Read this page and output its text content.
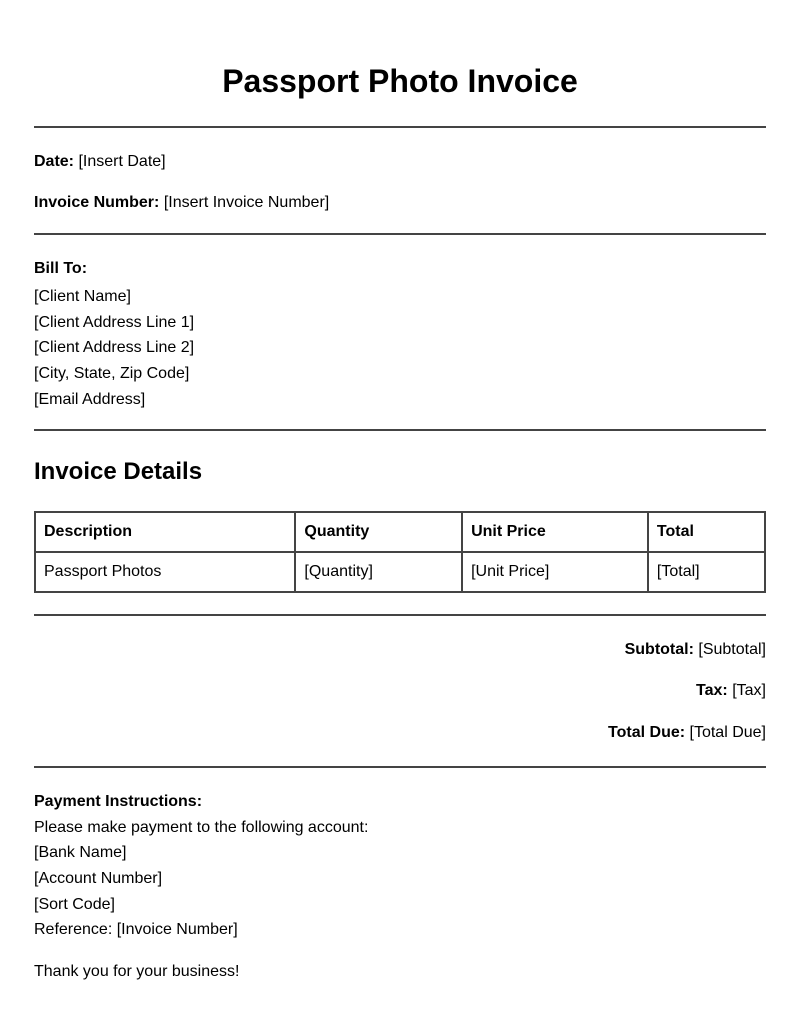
Passport Photo Invoice
Date: [Insert Date]
Invoice Number: [Insert Invoice Number]
Bill To:
[Client Name]
[Client Address Line 1]
[Client Address Line 2]
[City, State, Zip Code]
[Email Address]
Invoice Details
Description	Quantity	Unit Price	Total
Passport Photos	[Quantity]	[Unit Price]	[Total]
Subtotal: [Subtotal]
Tax: [Tax]
Total Due: [Total Due]
Payment Instructions:
Please make payment to the following account:
[Bank Name]
[Account Number]
[Sort Code]
Reference: [Invoice Number]
Thank you for your business!
